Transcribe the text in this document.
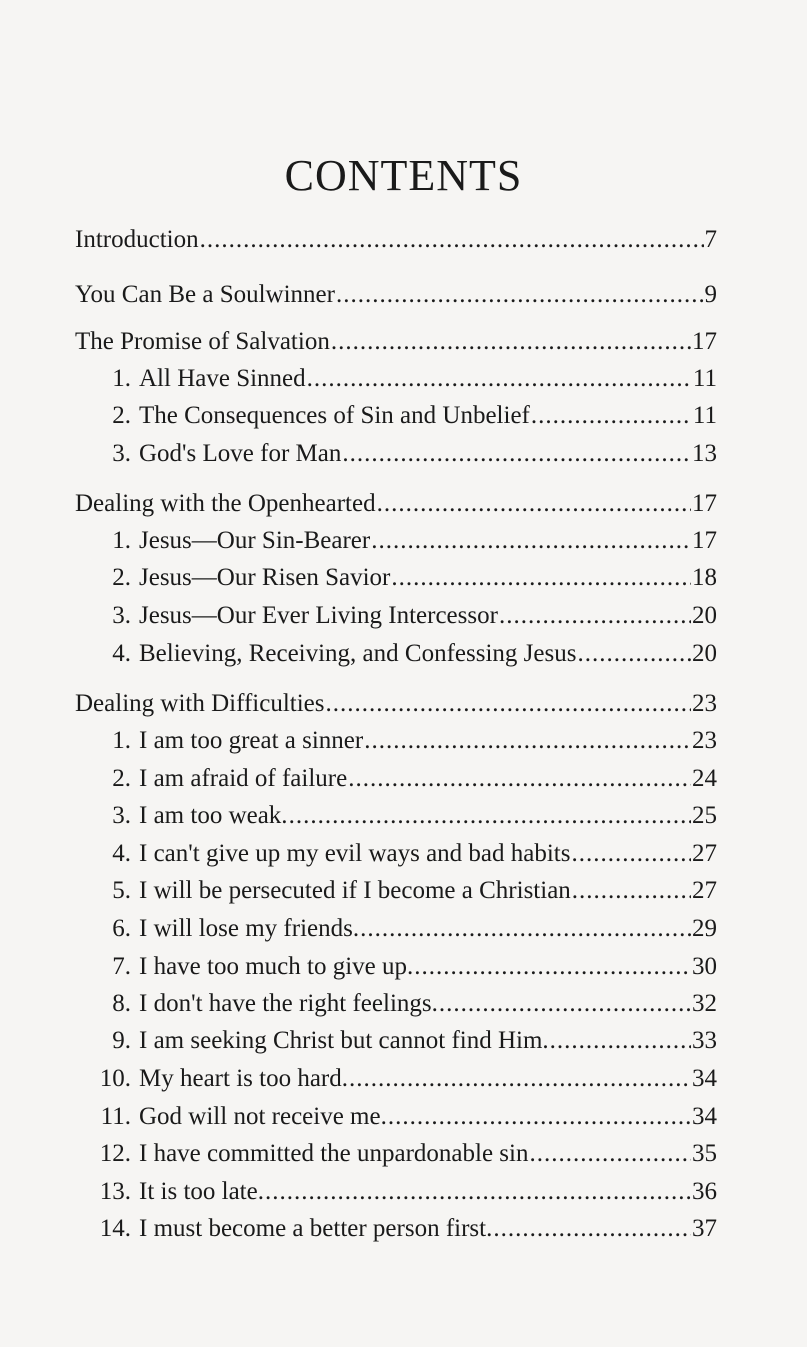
CONTENTS
Introduction .....	7
You Can Be a Soulwinner .....	9
The Promise of Salvation .....	17
1. All Have Sinned .....	11
2. The Consequences of Sin and Unbelief .....	11
3. God's Love for Man .....	13
Dealing with the Openhearted .....	17
1. Jesus—Our Sin-Bearer .....	17
2. Jesus—Our Risen Savior .....	18
3. Jesus—Our Ever Living Intercessor .....	20
4. Believing, Receiving, and Confessing Jesus .....	20
Dealing with Difficulties .....	23
1. I am too great a sinner .....	23
2. I am afraid of failure .....	24
3. I am too weak. .....	25
4. I can't give up my evil ways and bad habits .....	27
5. I will be persecuted if I become a Christian .....	27
6. I will lose my friends. .....	29
7. I have too much to give up. .....	30
8. I don't have the right feelings. .....	32
9. I am seeking Christ but cannot find Him. .....	33
10. My heart is too hard. .....	34
11. God will not receive me. .....	34
12. I have committed the unpardonable sin .....	35
13. It is too late. .....	36
14. I must become a better person first. .....	37
